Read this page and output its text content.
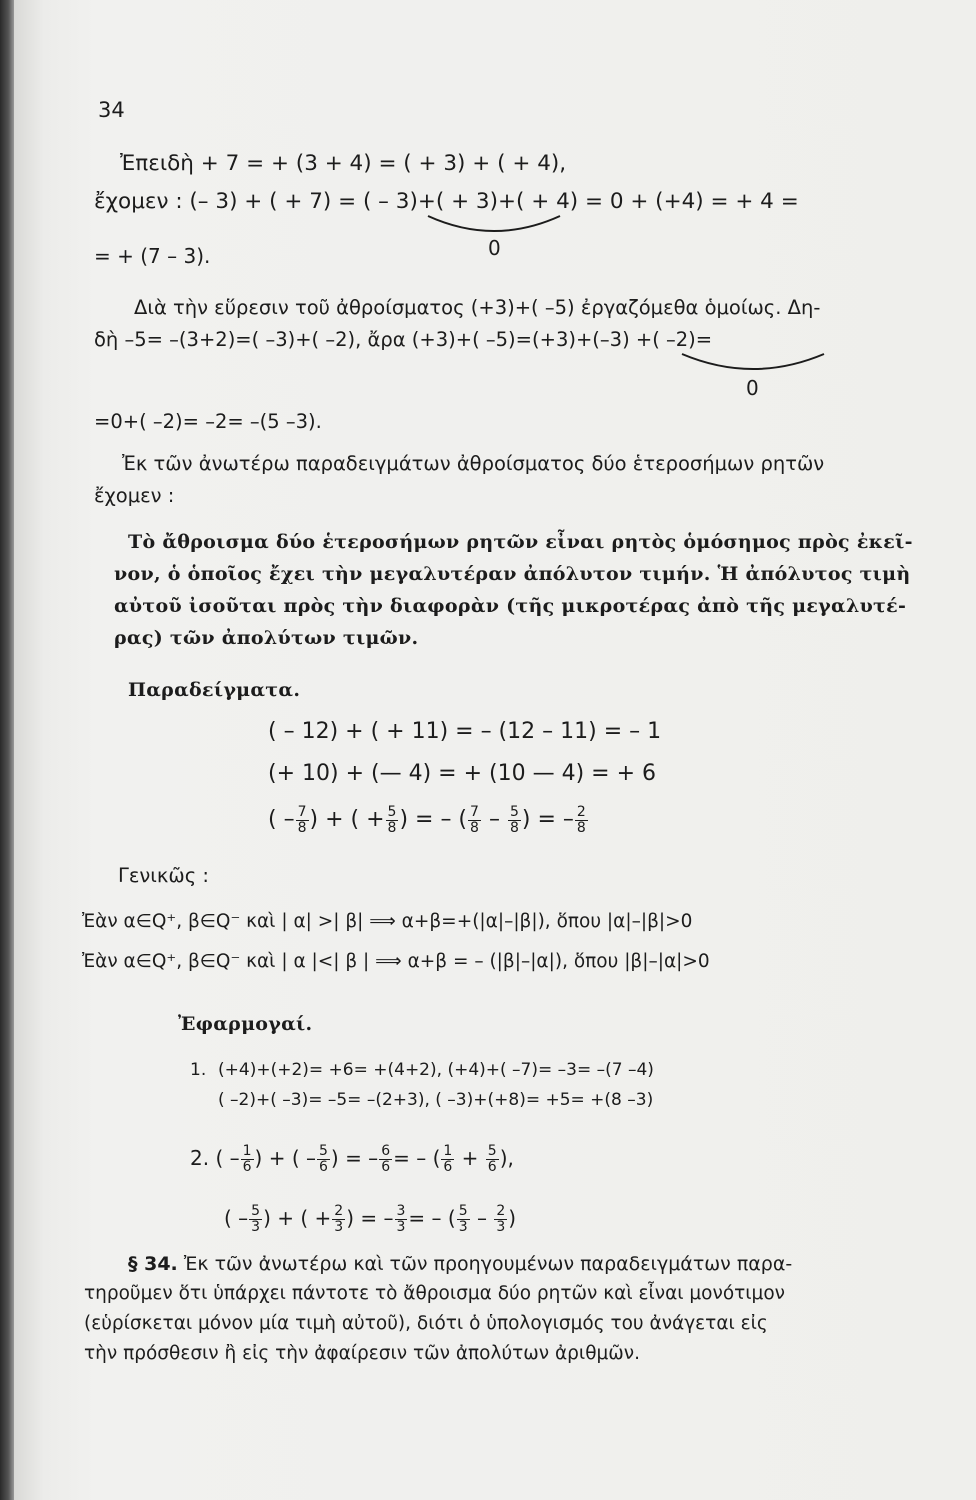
34
Ἐπειδὴ + 7 = + (3 + 4) = ( + 3) + ( + 4),
ἔχομεν : (– 3) + ( + 7) = ( – 3)+( + 3)+( + 4) = 0 + (+4) = + 4 =
0
= + (7 – 3).
Διὰ τὴν εὕρεσιν τοῦ ἀθροίσματος (+3)+( –5) ἐργαζόμεθα ὁμοίως. Δη-
δὴ –5= –(3+2)=( –3)+( –2), ἄρα (+3)+( –5)=(+3)+(–3) +( –2)=
0
=0+( –2)= –2= –(5 –3).
Ἐκ τῶν ἀνωτέρω παραδειγμάτων ἀθροίσματος δύο ἑτεροσήμων ρητῶν
ἔχομεν :
Τὸ ἄθροισμα δύο ἑτεροσήμων ρητῶν εἶναι ρητὸς ὁμόσημος πρὸς ἐκεῖ-
νον, ὁ ὁποῖος ἔχει τὴν μεγαλυτέραν ἀπόλυτον τιμήν. Ἡ ἀπόλυτος τιμὴ
αὐτοῦ ἰσοῦται πρὸς τὴν διαφορὰν (τῆς μικροτέρας ἀπὸ τῆς μεγαλυτέ-
ρας) τῶν ἀπολύτων τιμῶν.
Παραδείγματα.
( – 12) + ( + 11) = – (12 – 11) = – 1
(+ 10) + (— 4) = + (10 — 4) = + 6
( – $\frac{7}{8}$ ) + ( + $\frac{5}{8}$ ) = – ( $\frac{7}{8} - \frac{5}{8}$ ) = – $\frac{2}{8}$
Γενικῶς :
Ἐὰν α∈Q⁺, β∈Q⁻ καὶ | α| >| β| ⟹ α+β=+(|α|–|β|), ὅπου |α|–|β|>0
Ἐὰν α∈Q⁺, β∈Q⁻ καὶ | α |<| β | ⟹ α+β = – (|β|–|α|), ὅπου |β|–|α|>0
Ἐφαρμογαί.
1. (+4)+(+2)= +6= +(4+2), (+4)+( –7)= –3= –(7 –4)
( –2)+( –3)= –5= –(2+3), ( –3)+(+8)= +5= +(8 –3)
2. ( – $\frac{1}{6}$ ) + ( – $\frac{5}{6}$ ) = – $\frac{6}{6}$ = – ( $\frac{1}{6} + \frac{5}{6}$ ),
( – $\frac{5}{3}$ ) + ( + $\frac{2}{3}$ ) = – $\frac{3}{3}$ = – ( $\frac{5}{3} - \frac{2}{3}$ )
§ 34. Ἐκ τῶν ἀνωτέρω καὶ τῶν προηγουμένων παραδειγμάτων παρα-
τηροῦμεν ὅτι ὑπάρχει πάντοτε τὸ ἄθροισμα δύο ρητῶν καὶ εἶναι μονότιμον
(εὑρίσκεται μόνον μία τιμὴ αὐτοῦ), διότι ὁ ὑπολογισμός του ἀνάγεται εἰς
τὴν πρόσθεσιν ἢ εἰς τὴν ἀφαίρεσιν τῶν ἀπολύτων ἀριθμῶν.
